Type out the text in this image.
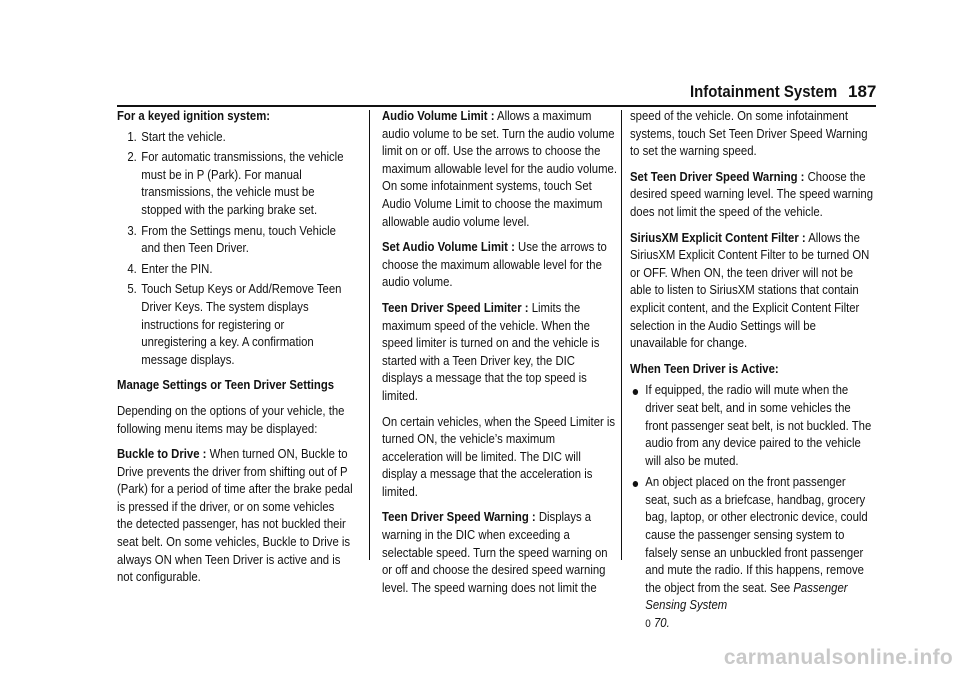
Infotainment System 187
For a keyed ignition system:
1. Start the vehicle.
2. For automatic transmissions, the vehicle must be in P (Park). For manual transmissions, the vehicle must be stopped with the parking brake set.
3. From the Settings menu, touch Vehicle and then Teen Driver.
4. Enter the PIN.
5. Touch Setup Keys or Add/Remove Teen Driver Keys. The system displays instructions for registering or unregistering a key. A confirmation message displays.

Manage Settings or Teen Driver Settings

Depending on the options of your vehicle, the following menu items may be displayed:

Buckle to Drive : When turned ON, Buckle to Drive prevents the driver from shifting out of P (Park) for a period of time after the brake pedal is pressed if the driver, or on some vehicles the detected passenger, has not buckled their seat belt. On some vehicles, Buckle to Drive is always ON when Teen Driver is active and is not configurable.

Audio Volume Limit : Allows a maximum audio volume to be set. Turn the audio volume limit on or off. Use the arrows to choose the maximum allowable level for the audio volume. On some infotainment systems, touch Set Audio Volume Limit to choose the maximum allowable audio volume level.

Set Audio Volume Limit : Use the arrows to choose the maximum allowable level for the audio volume.

Teen Driver Speed Limiter : Limits the maximum speed of the vehicle. When the speed limiter is turned on and the vehicle is started with a Teen Driver key, the DIC displays a message that the top speed is limited.

On certain vehicles, when the Speed Limiter is turned ON, the vehicle’s maximum acceleration will be limited. The DIC will display a message that the acceleration is limited.

Teen Driver Speed Warning : Displays a warning in the DIC when exceeding a selectable speed. Turn the speed warning on or off and choose the desired speed warning level. The speed warning does not limit the

speed of the vehicle. On some infotainment systems, touch Set Teen Driver Speed Warning to set the warning speed.

Set Teen Driver Speed Warning : Choose the desired speed warning level. The speed warning does not limit the speed of the vehicle.

SiriusXM Explicit Content Filter : Allows the SiriusXM Explicit Content Filter to be turned ON or OFF. When ON, the teen driver will not be able to listen to SiriusXM stations that contain explicit content, and the Explicit Content Filter selection in the Audio Settings will be unavailable for change.

When Teen Driver is Active:

If equipped, the radio will mute when the driver seat belt, and in some vehicles the front passenger seat belt, is not buckled. The audio from any device paired to the vehicle will also be muted.
An object placed on the front passenger seat, such as a briefcase, handbag, grocery bag, laptop, or other electronic device, could cause the passenger sensing system to falsely sense an unbuckled front passenger and mute the radio. If this happens, remove the object from the seat. See Passenger Sensing System
0 70.
carmanualsonline.info
